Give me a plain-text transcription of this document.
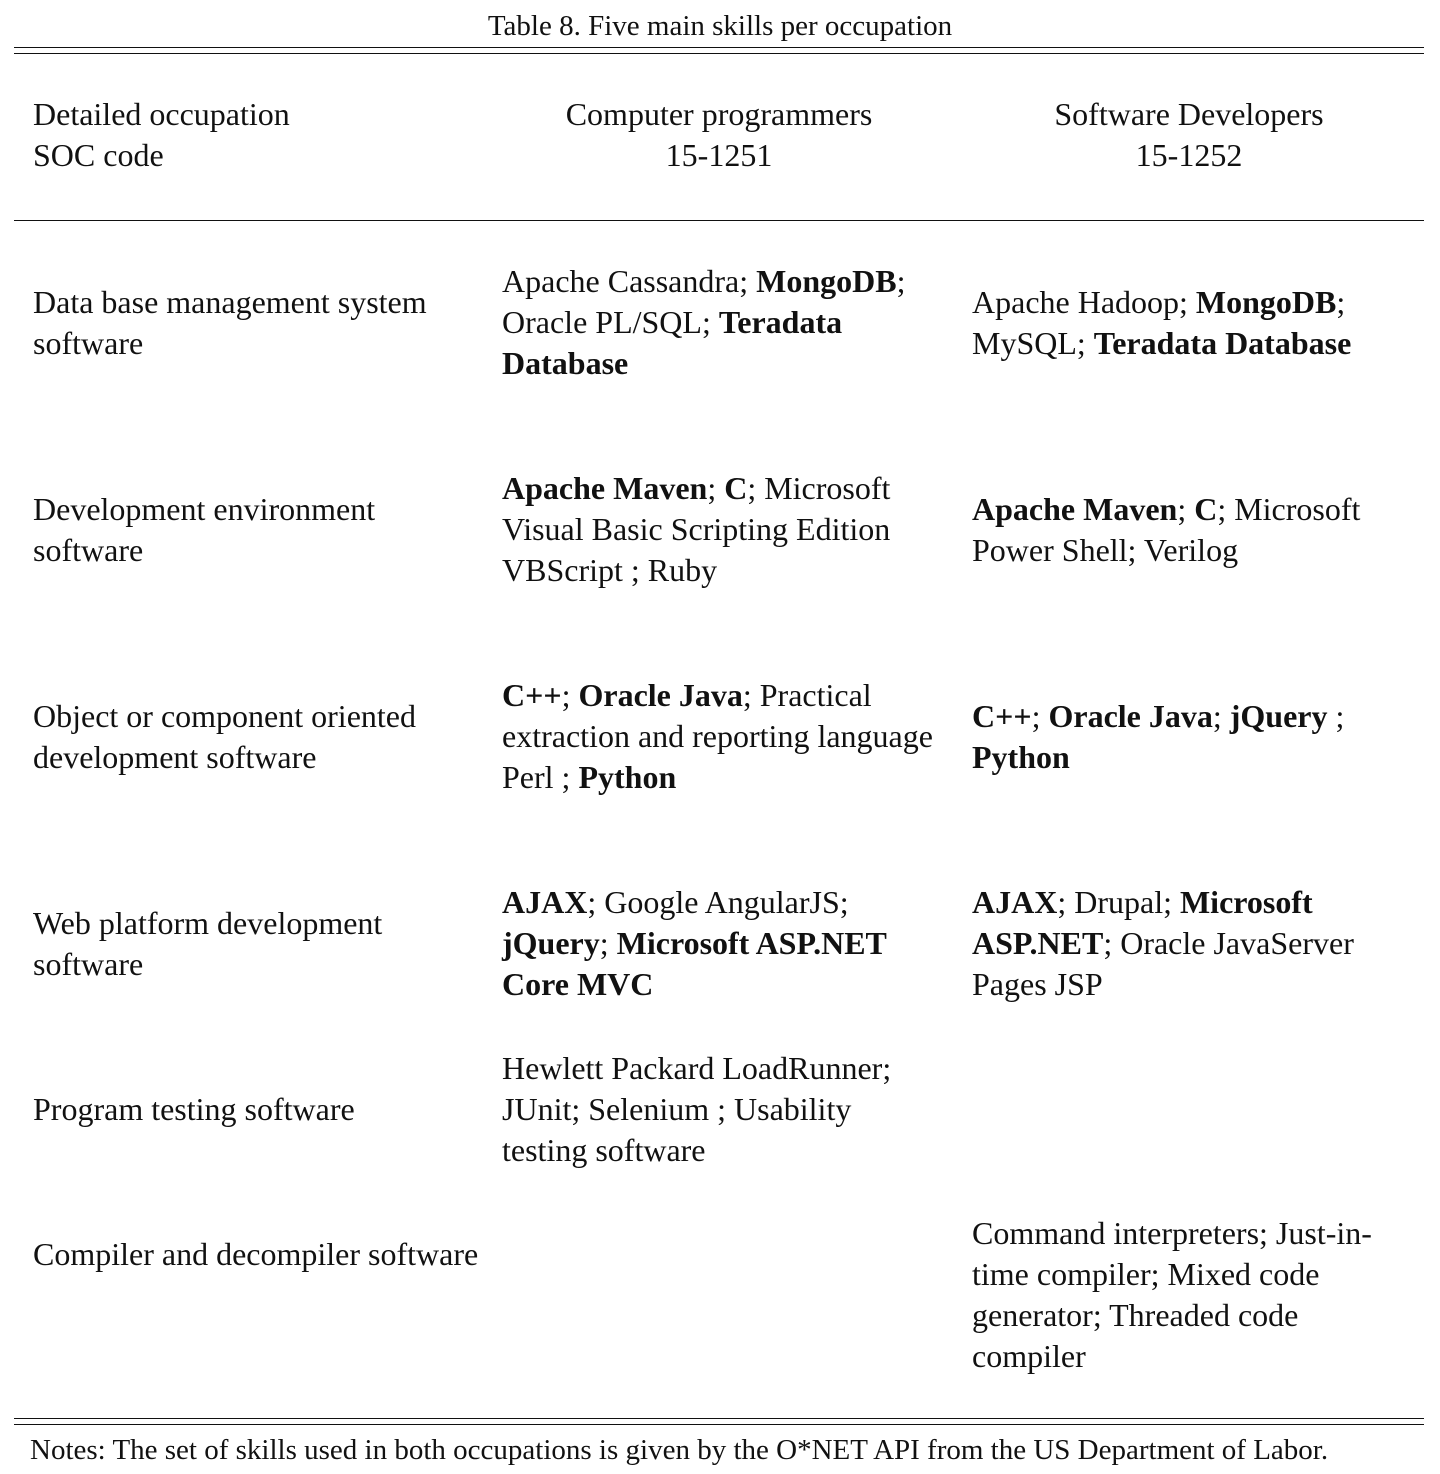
Table 8. Five main skills per occupation
Detailed occupation
SOC code
Computer programmers
15-1251
Software Developers
15-1252
Data base management system software
Apache Cassandra; MongoDB; Oracle PL/SQL; Teradata Database
Apache Hadoop; MongoDB; MySQL; Teradata Database
Development environment software
Apache Maven; C; Microsoft Visual Basic Scripting Edition VBScript ; Ruby
Apache Maven; C; Microsoft Power Shell; Verilog
Object or component oriented development software
C++; Oracle Java; Practical extraction and reporting language Perl ; Python
C++; Oracle Java; jQuery ; Python
Web platform development software
AJAX; Google AngularJS; jQuery; Microsoft ASP.NET Core MVC
AJAX; Drupal; Microsoft ASP.NET; Oracle JavaServer Pages JSP
Program testing software
Hewlett Packard LoadRunner; JUnit; Selenium ; Usability testing software
Compiler and decompiler software
Command interpreters; Just-in-time compiler; Mixed code generator; Threaded code compiler
Notes: The set of skills used in both occupations is given by the O*NET API from the US Department of Labor.
